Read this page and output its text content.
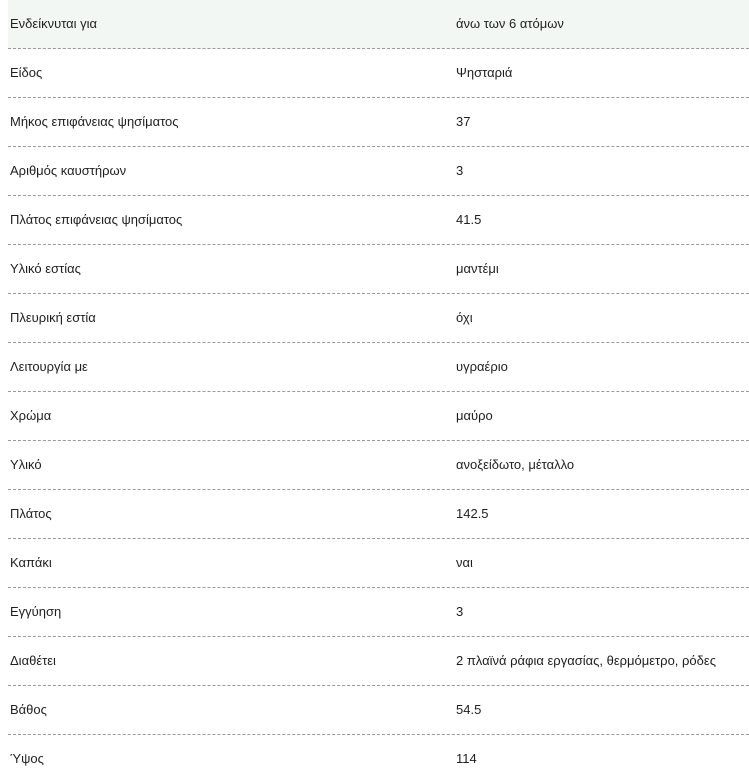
Ενδείκνυται για	άνω των 6 ατόμων
Είδος	Ψησταριά
Μήκος επιφάνειας ψησίματος	37
Αριθμός καυστήρων	3
Πλάτος επιφάνειας ψησίματος	41.5
Υλικό εστίας	μαντέμι
Πλευρική εστία	όχι
Λειτουργία με	υγραέριο
Χρώμα	μαύρο
Υλικό	ανοξείδωτο, μέταλλο
Πλάτος	142.5
Καπάκι	ναι
Εγγύηση	3
Διαθέτει	2 πλαϊνά ράφια εργασίας, θερμόμετρο, ρόδες
Βάθος	54.5
Ύψος	114
